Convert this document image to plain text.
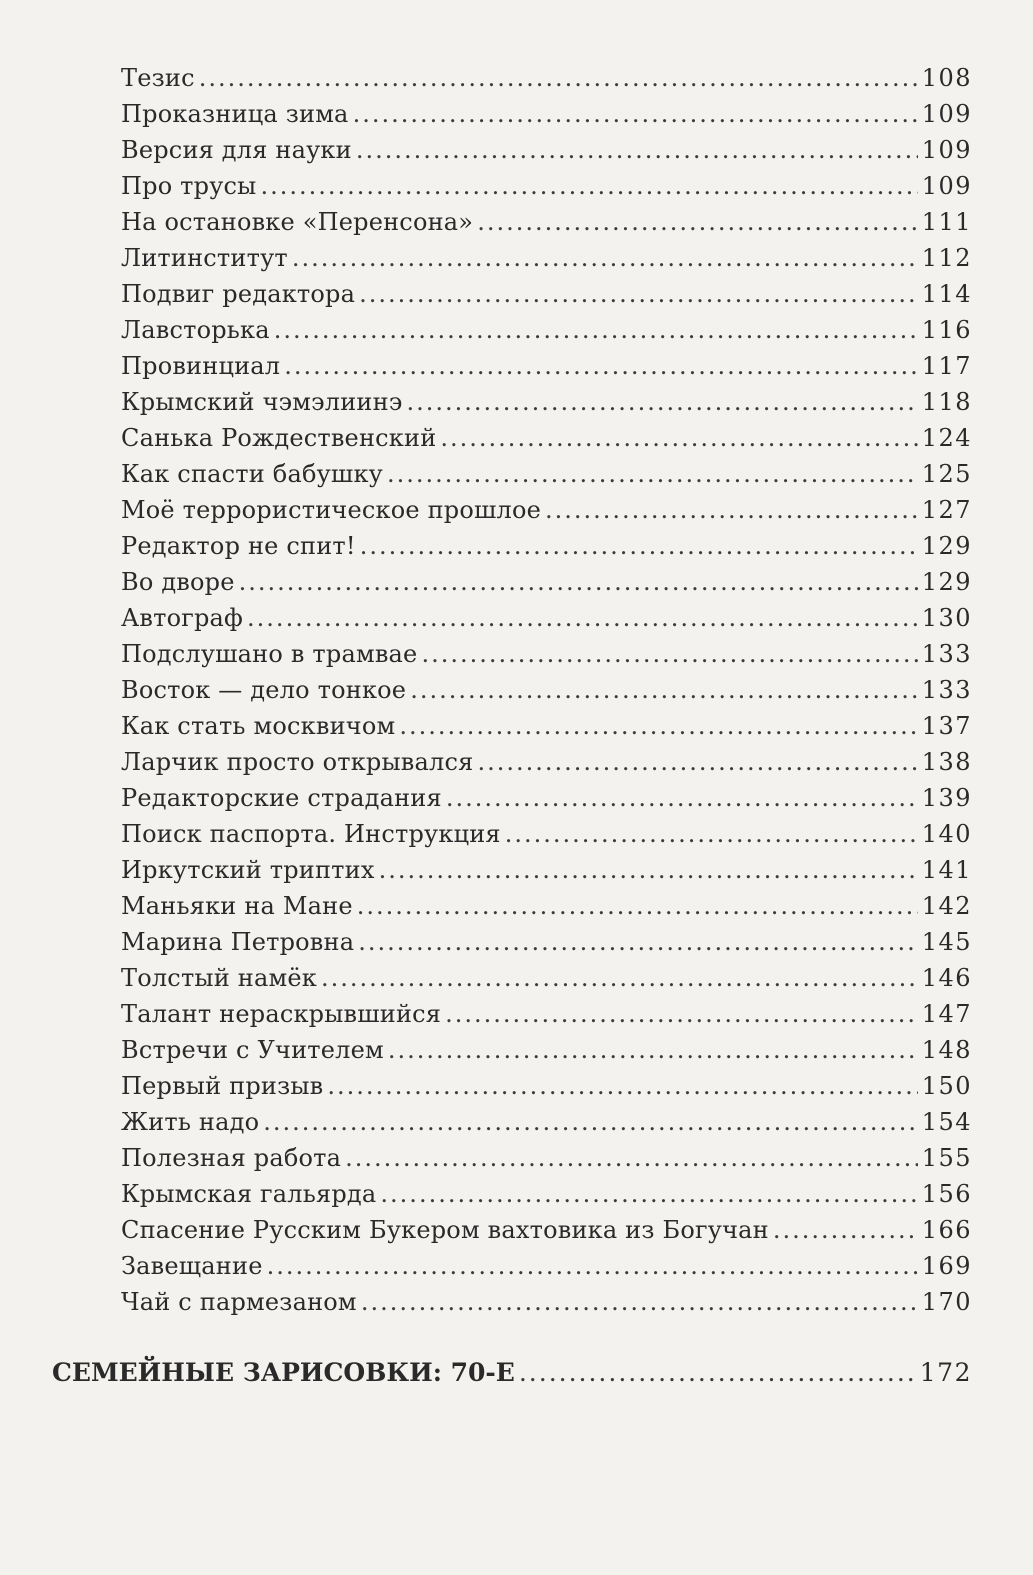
Тезис .....	108
Проказница зима .....	109
Версия для науки .....	109
Про трусы .....	109
На остановке «Перенсона» .....	111
Литинститут .....	112
Подвиг редактора .....	114
Лавсторька .....	116
Провинциал .....	117
Крымский чэмэлиинэ .....	118
Санька Рождественский .....	124
Как спасти бабушку .....	125
Моё террористическое прошлое .....	127
Редактор не спит! .....	129
Во дворе .....	129
Автограф .....	130
Подслушано в трамвае .....	133
Восток — дело тонкое .....	133
Как стать москвичом .....	137
Ларчик просто открывался .....	138
Редакторские страдания .....	139
Поиск паспорта. Инструкция .....	140
Иркутский триптих .....	141
Маньяки на Мане .....	142
Марина Петровна .....	145
Толстый намёк .....	146
Талант нераскрывшийся .....	147
Встречи с Учителем .....	148
Первый призыв .....	150
Жить надо .....	154
Полезная работа .....	155
Крымская гальярда .....	156
Спасение Русским Букером вахтовика из Богучан .....	166
Завещание .....	169
Чай с пармезаном .....	170
СЕМЕЙНЫЕ ЗАРИСОВКИ: 70-Е .....	172
